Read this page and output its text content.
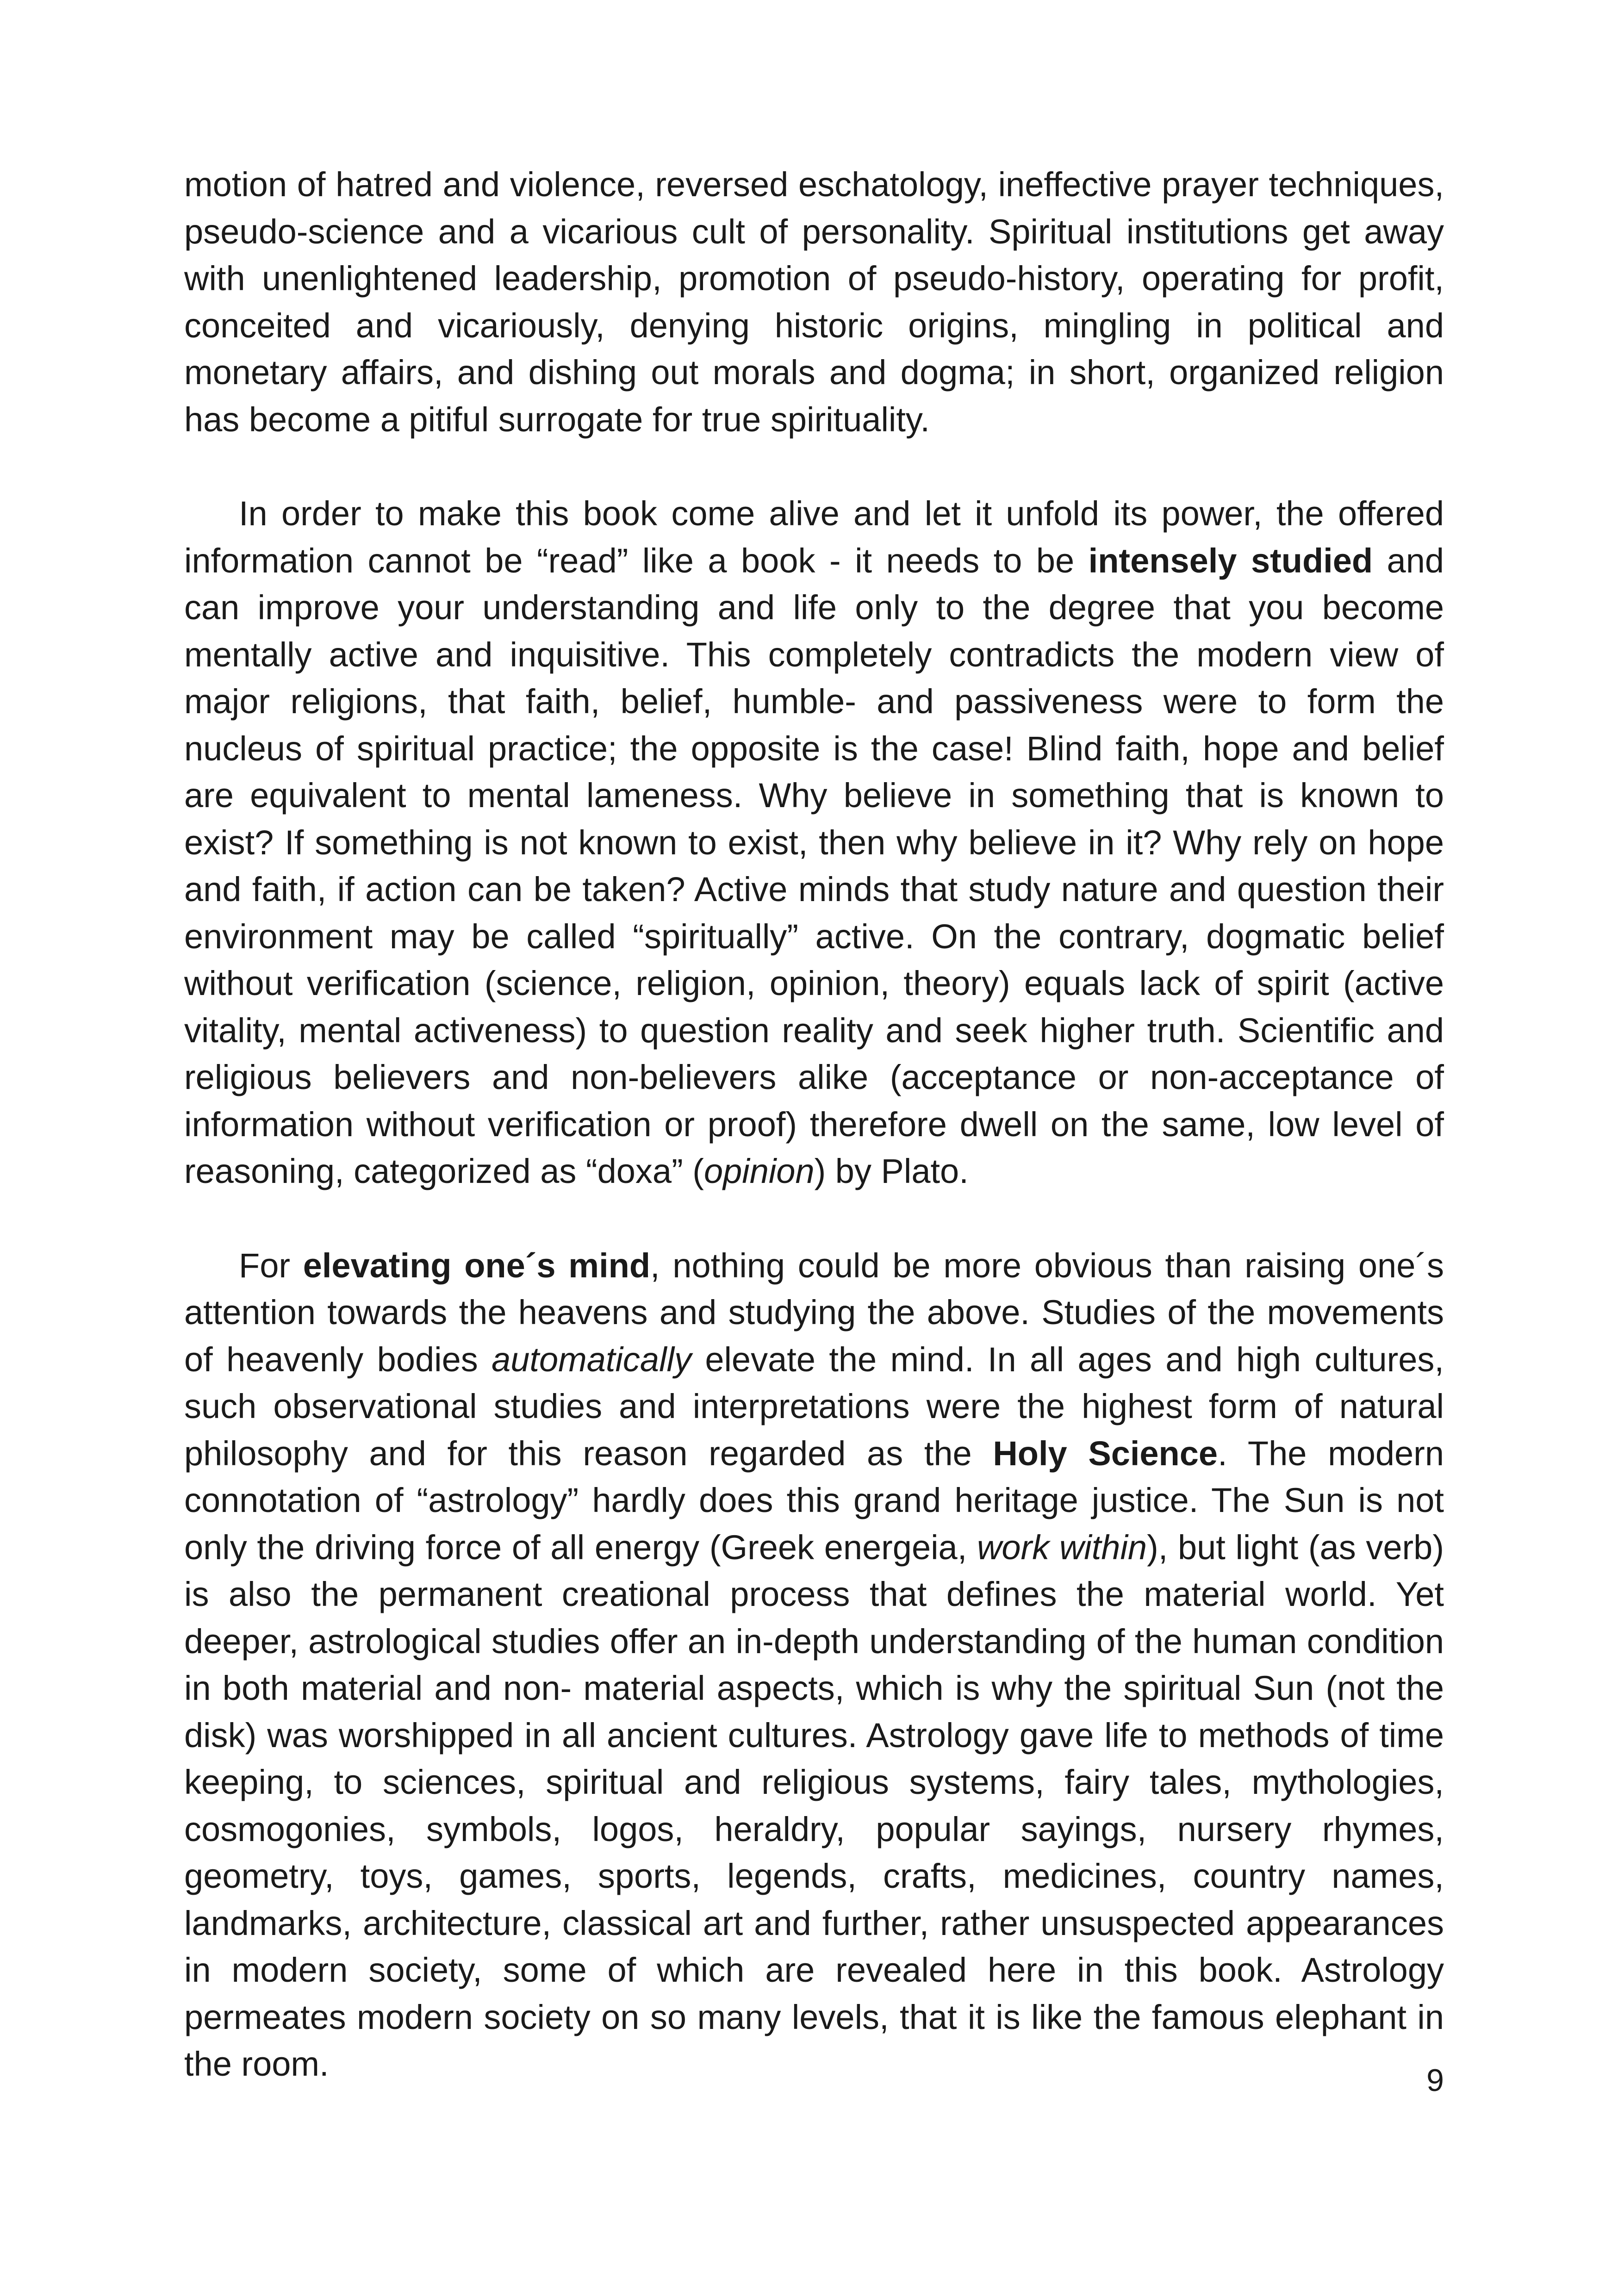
motion of hatred and violence, reversed eschatology, ineffective prayer techniques, pseudo-science and a vicarious cult of personality. Spiritual institutions get away with unenlightened leadership, promotion of pseudo-history, operating for profit, conceited and vicariously, denying historic origins, mingling in political and monetary affairs, and dishing out morals and dogma; in short, organized religion has become a pitiful surrogate for true spirituality.

In order to make this book come alive and let it unfold its power, the offered information cannot be “read” like a book - it needs to be intensely studied and can improve your understanding and life only to the degree that you become mentally active and inquisitive. This completely contradicts the modern view of major religions, that faith, belief, humble- and passiveness were to form the nucleus of spiritual practice; the opposite is the case! Blind faith, hope and belief are equivalent to mental lameness. Why believe in something that is known to exist? If something is not known to exist, then why believe in it? Why rely on hope and faith, if action can be taken? Active minds that study nature and question their environment may be called “spiritually” active. On the contrary, dogmatic belief without verification (science, religion, opinion, theory) equals lack of spirit (active vitality, mental activeness) to question reality and seek higher truth. Scientific and religious believers and non-believers alike (acceptance or non-acceptance of information without verification or proof) therefore dwell on the same, low level of reasoning, categorized as “doxa” (opinion) by Plato.

For elevating one´s mind, nothing could be more obvious than raising one´s attention towards the heavens and studying the above. Studies of the movements of heavenly bodies automatically elevate the mind. In all ages and high cultures, such observational studies and interpretations were the highest form of natural philosophy and for this reason regarded as the Holy Science. The modern connotation of “astrology” hardly does this grand heritage justice. The Sun is not only the driving force of all energy (Greek energeia, work within), but light (as verb) is also the permanent creational process that defines the material world. Yet deeper, astrological studies offer an in-depth understanding of the human condition in both material and non- material aspects, which is why the spiritual Sun (not the disk) was worshipped in all ancient cultures. Astrology gave life to methods of time keeping, to sciences, spiritual and religious systems, fairy tales, mythologies, cosmogonies, symbols, logos, heraldry, popular sayings, nursery rhymes, geometry, toys, games, sports, legends, crafts, medicines, country names, landmarks, architecture, classical art and further, rather unsuspected appearances in modern society, some of which are revealed here in this book. Astrology permeates modern society on so many levels, that it is like the famous elephant in the room.	9
